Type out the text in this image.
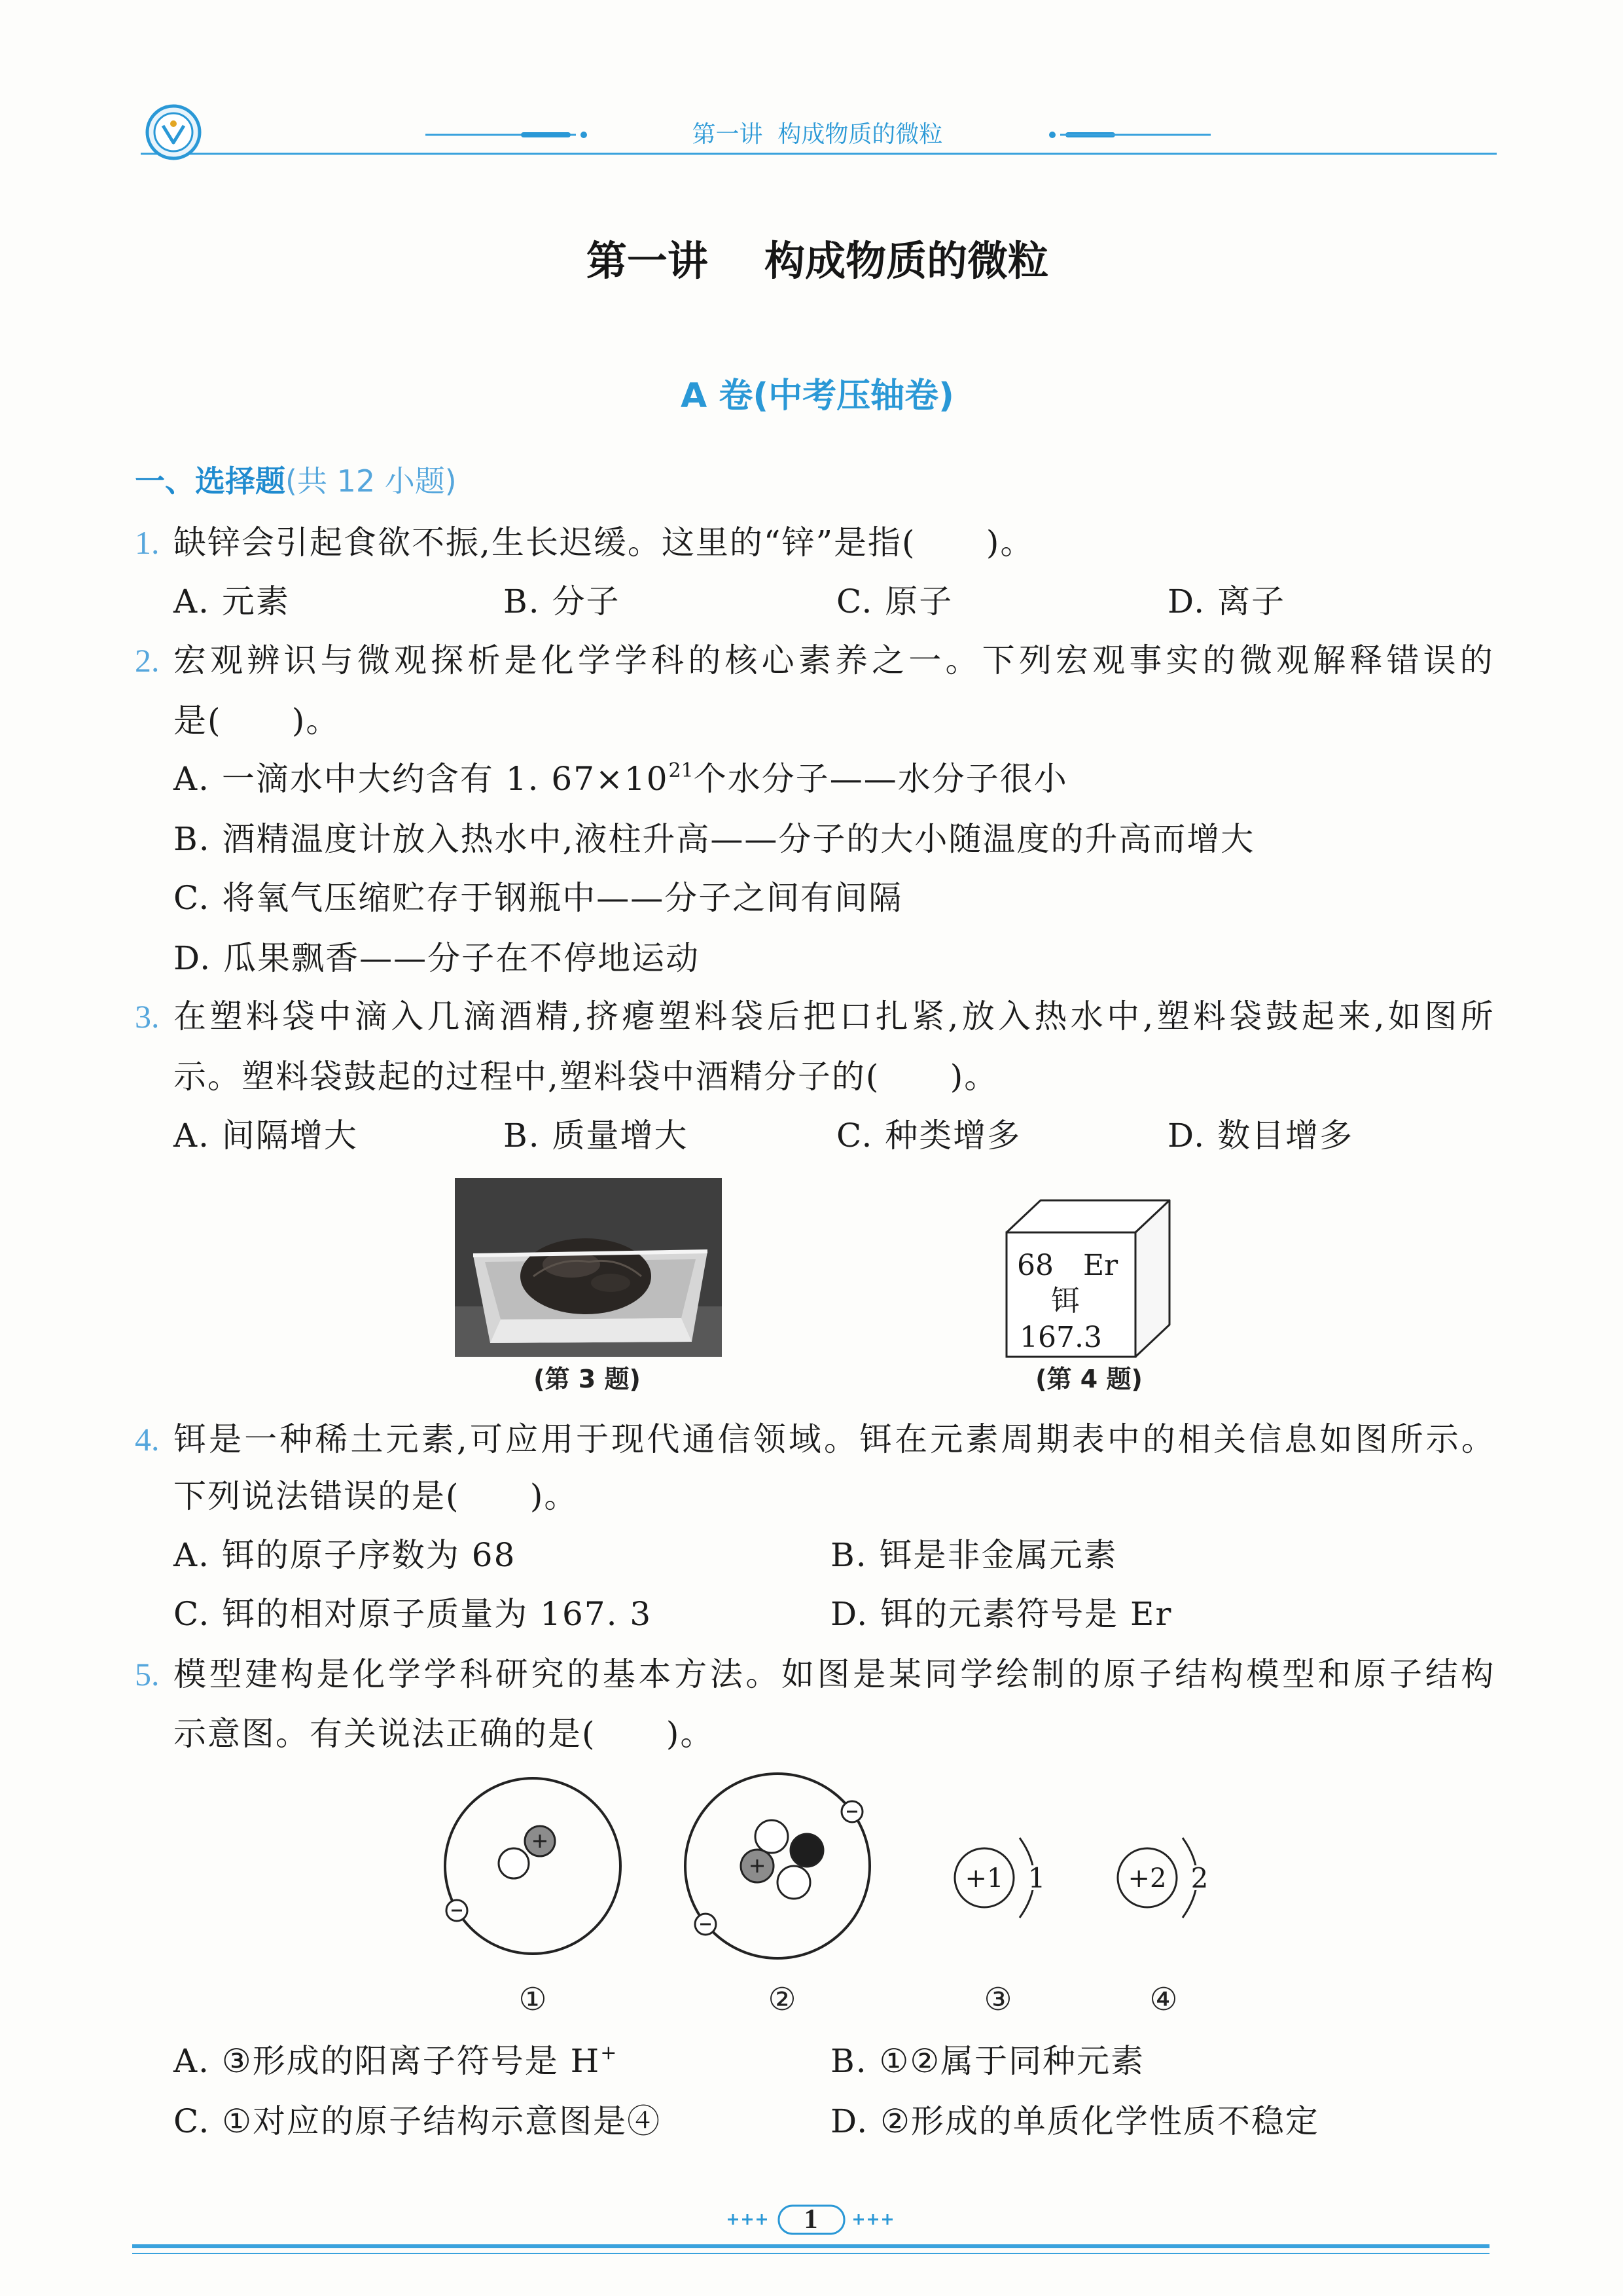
第一讲  构成物质的微粒
第一讲    构成物质的微粒
A 卷(中考压轴卷)
一、选择题(共 12 小题)
1. 缺锌会引起食欲不振,生长迟缓。这里的“锌”是指(      )。
A. 元素	B. 分子	C. 原子	D. 离子
2. 宏观辨识与微观探析是化学学科的核心素养之一。下列宏观事实的微观解释错误的
是(      )。
A. 一滴水中大约含有 1. $67\times 10^{21}$个水分子——水分子很小
B. 酒精温度计放入热水中,液柱升高——分子的大小随温度的升高而增大
C. 将氧气压缩贮存于钢瓶中——分子之间有间隔
D. 瓜果飘香——分子在不停地运动
3. 在塑料袋中滴入几滴酒精,挤瘪塑料袋后把口扎紧,放入热水中,塑料袋鼓起来,如图所
示。塑料袋鼓起的过程中,塑料袋中酒精分子的(      )。
A. 间隔增大	B. 质量增大	C. 种类增多	D. 数目增多
(第 3 题)
68 Er
铒
167.3
(第 4 题)
4. 铒是一种稀土元素,可应用于现代通信领域。铒在元素周期表中的相关信息如图所示。
下列说法错误的是(      )。
A. 铒的原子序数为 68	B. 铒是非金属元素
C. 铒的相对原子质量为 167. 3	D. 铒的元素符号是 Er
5. 模型建构是化学学科研究的基本方法。如图是某同学绘制的原子结构模型和原子结构
示意图。有关说法正确的是(      )。
+1 1	+2 2
①	②	③	④
A. ③形成的阳离子符号是 H+	B. ①②属于同种元素
C. ①对应的原子结构示意图是④	D. ②形成的单质化学性质不稳定
1
